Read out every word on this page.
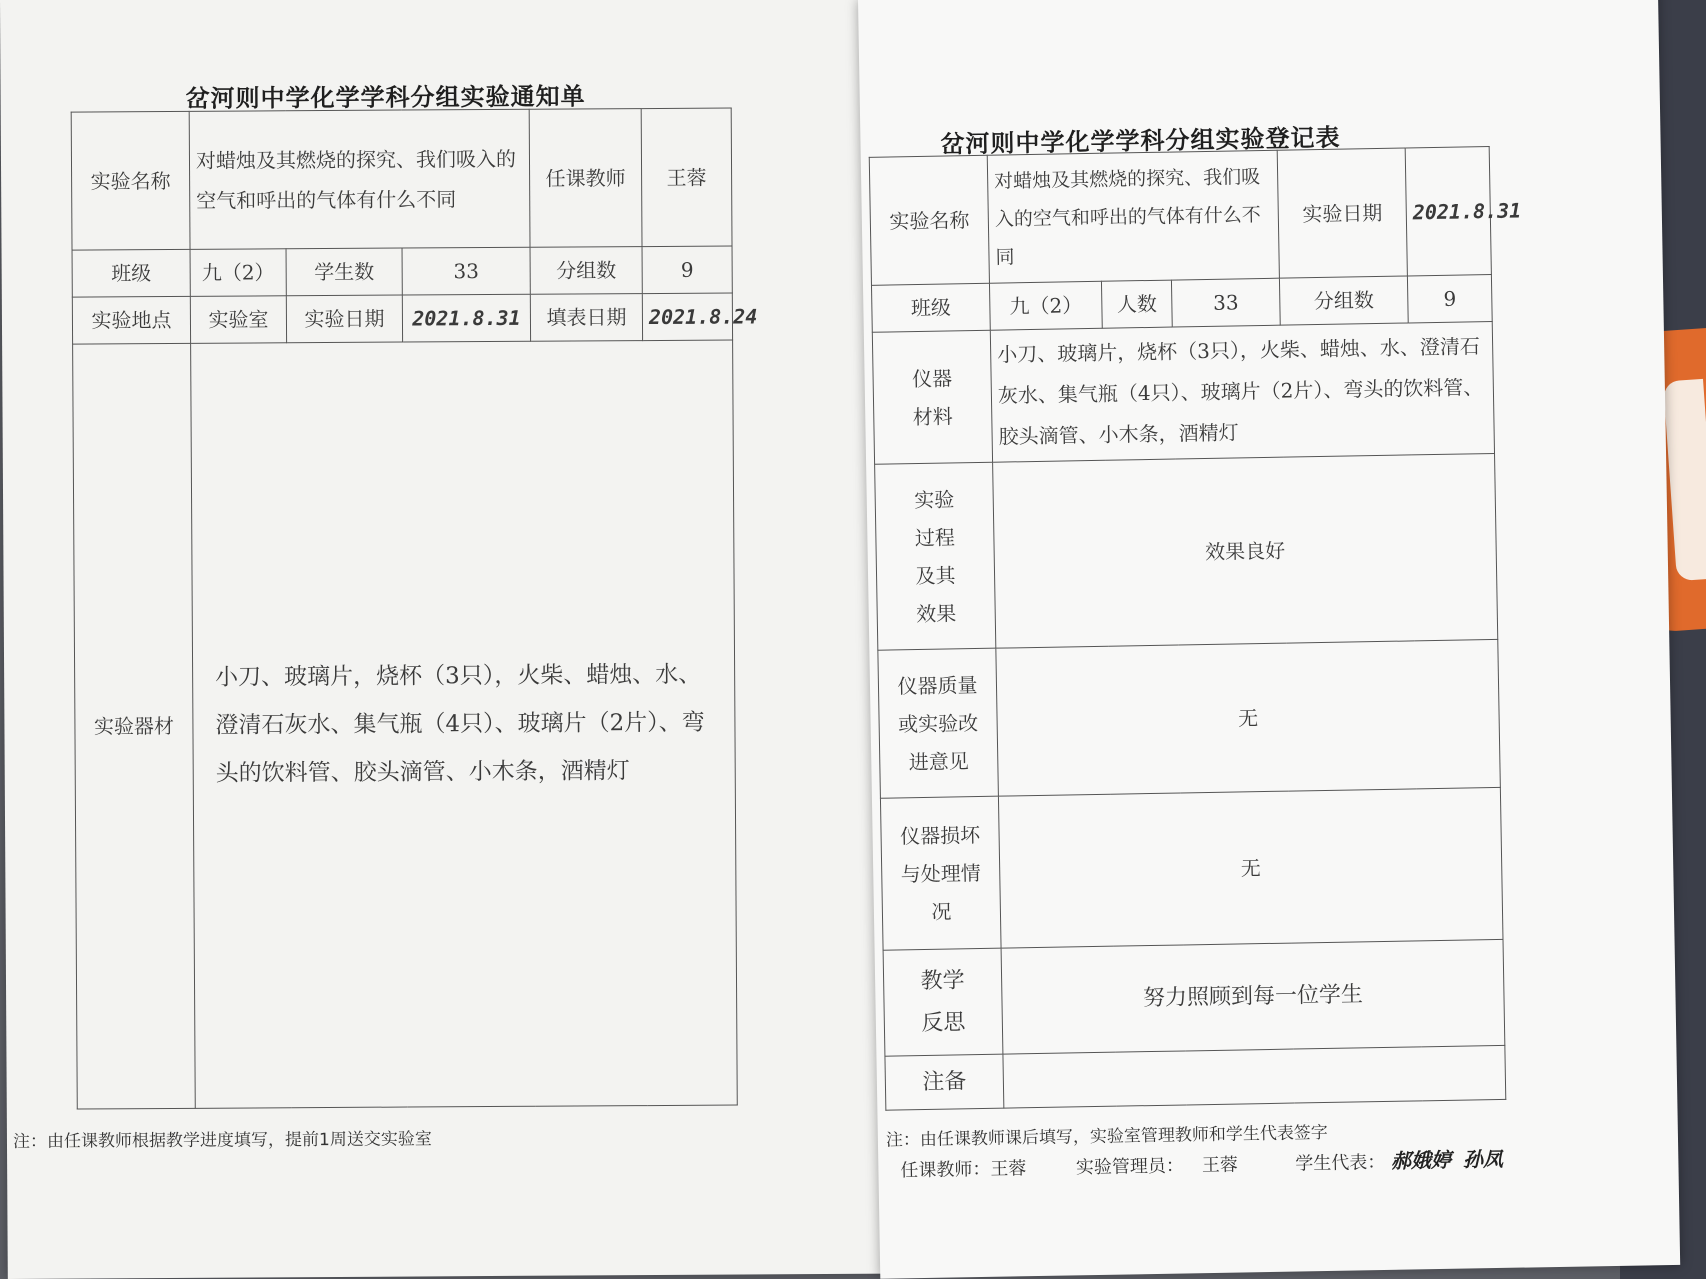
岔河则中学化学学科分组实验通知单
实验名称	对蜡烛及其燃烧的探究、我们吸入的空气和呼出的气体有什么不同			任课教师	王蓉
班级	九（2）	学生数	33	分组数	9
实验地点	实验室	实验日期	2021.8.31	填表日期	2021.8.24
实验器材	小刀、玻璃片，烧杯（3只），火柴、蜡烛、水、澄清石灰水、集气瓶（4只）、玻璃片（2片）、弯头的饮料管、胶头滴管、小木条，酒精灯				
注：由任课教师根据教学进度填写，提前1周送交实验室
岔河则中学化学学科分组实验登记表
实验名称	对蜡烛及其燃烧的探究、我们吸入的空气和呼出的气体有什么不同			实验日期	2021.8.31
班级	九（2）	人数	33	分组数	9
仪器材料	小刀、玻璃片，烧杯（3只），火柴、蜡烛、水、澄清石灰水、集气瓶（4只）、玻璃片（2片）、弯头的饮料管、胶头滴管、小木条，酒精灯				
实验过程及其效果	效果良好				
仪器质量或实验改进意见	无				
仪器损坏与处理情况	无				
教学反思	努力照顾到每一位学生				
注备					
注：由任课教师课后填写，实验室管理教师和学生代表签字
任课教师：王蓉	实验管理员： 王蓉	学生代表： 郝娥婷 孙凤
